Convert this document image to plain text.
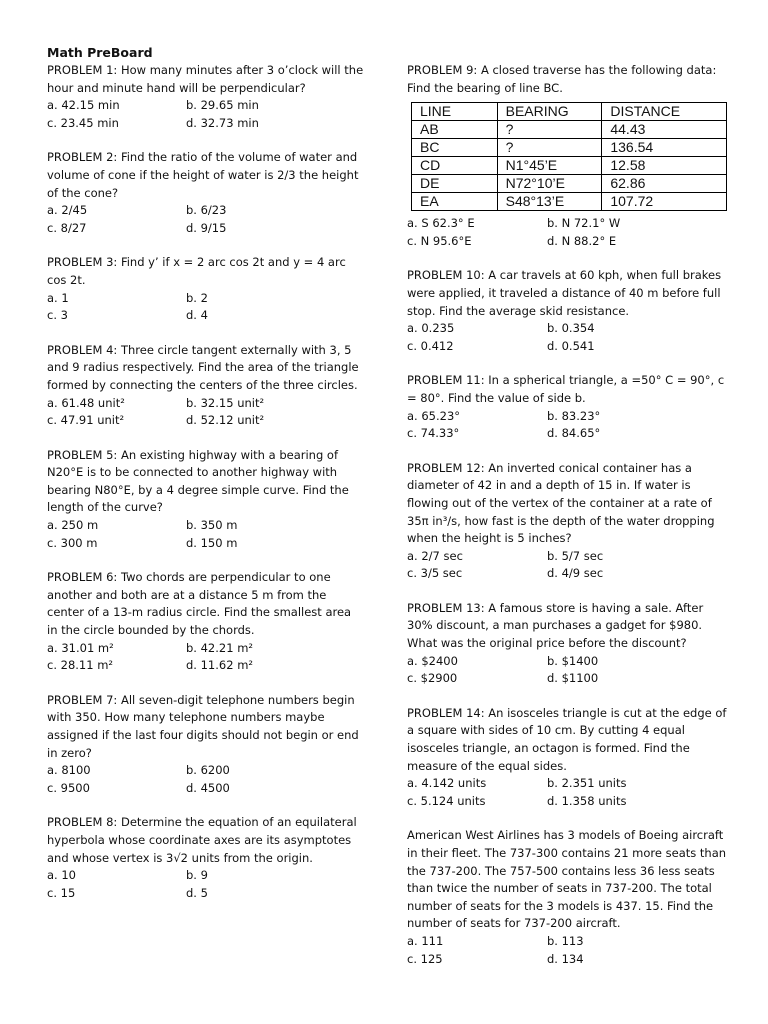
Math PreBoard

PROBLEM 1: How many minutes after 3 o’clock will the hour and minute hand will be perpendicular?

a. 42.15 min	b. 29.65 min
c. 23.45 min	d. 32.73 min

PROBLEM 2: Find the ratio of the volume of water and volume of cone if the height of water is 2/3 the height of the cone?

a. 2/45	b. 6/23
c. 8/27	d. 9/15

PROBLEM 3: Find y’ if x = 2 arc cos 2t and y = 4 arc cos 2t.

a. 1	b. 2
c. 3	d. 4

PROBLEM 4: Three circle tangent externally with 3, 5 and 9 radius respectively. Find the area of the triangle formed by connecting the centers of the three circles.

a. 61.48 unit²	b. 32.15 unit²
c. 47.91 unit²	d. 52.12 unit²

PROBLEM 5: An existing highway with a bearing of N20°E is to be connected to another highway with bearing N80°E, by a 4 degree simple curve. Find the length of the curve?

a. 250 m	b. 350 m
c. 300 m	d. 150 m

PROBLEM 6: Two chords are perpendicular to one another and both are at a distance 5 m from the center of a 13-m radius circle. Find the smallest area in the circle bounded by the chords.

a. 31.01 m²	b. 42.21 m²
c. 28.11 m²	d. 11.62 m²

PROBLEM 7: All seven-digit telephone numbers begin with 350. How many telephone numbers maybe assigned if the last four digits should not begin or end in zero?

a. 8100	b. 6200
c. 9500	d. 4500

PROBLEM 8: Determine the equation of an equilateral hyperbola whose coordinate axes are its asymptotes and whose vertex is 3√2 units from the origin.

a. 10	b. 9
c. 15	d. 5

PROBLEM 9: A closed traverse has the following data: Find the bearing of line BC.

LINE	BEARING	DISTANCE
AB	?	44.43
BC	?	136.54
CD	N1°45’E	12.58
DE	N72°10’E	62.86
EA	S48°13’E	107.72
a. S 62.3° E	b. N 72.1° W
c. N 95.6°E	d. N 88.2° E

PROBLEM 10: A car travels at 60 kph, when full brakes were applied, it traveled a distance of 40 m before full stop. Find the average skid resistance.

a. 0.235	b. 0.354
c. 0.412	d. 0.541

PROBLEM 11: In a spherical triangle, a =50° C = 90°, c = 80°. Find the value of side b.

a. 65.23°	b. 83.23°
c. 74.33°	d. 84.65°

PROBLEM 12: An inverted conical container has a diameter of 42 in and a depth of 15 in. If water is flowing out of the vertex of the container at a rate of 35π in³/s, how fast is the depth of the water dropping when the height is 5 inches?

a. 2/7 sec	b. 5/7 sec
c. 3/5 sec	d. 4/9 sec

PROBLEM 13: A famous store is having a sale. After 30% discount, a man purchases a gadget for $980. What was the original price before the discount?

a. $2400	b. $1400
c. $2900	d. $1100

PROBLEM 14: An isosceles triangle is cut at the edge of a square with sides of 10 cm. By cutting 4 equal isosceles triangle, an octagon is formed. Find the measure of the equal sides.

a. 4.142 units	b. 2.351 units
c. 5.124 units	d. 1.358 units

American West Airlines has 3 models of Boeing aircraft in their fleet. The 737-300 contains 21 more seats than the 737-200. The 757-500 contains less 36 less seats than twice the number of seats in 737-200. The total number of seats for the 3 models is 437. 15. Find the number of seats for 737-200 aircraft.

a. 111	b. 113
c. 125	d. 134
